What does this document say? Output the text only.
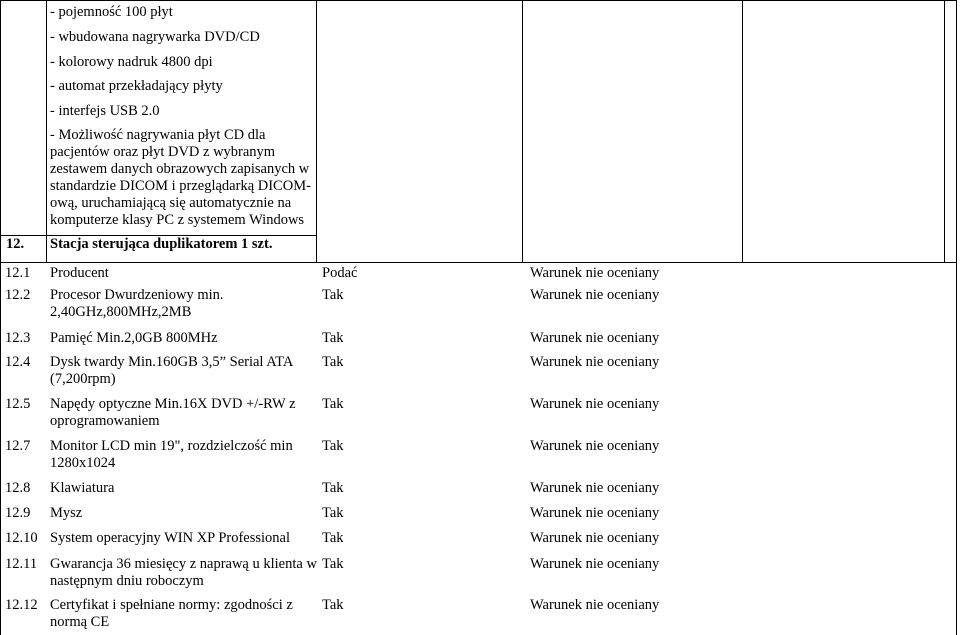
- pojemność 100 płyt
- wbudowana nagrywarka DVD/CD
- kolorowy nadruk 4800 dpi
- automat przekładający płyty
- interfejs USB 2.0
- Możliwość nagrywania płyt CD dla
pacjentów oraz płyt DVD z wybranym
zestawem danych obrazowych zapisanych w
standardzie DICOM i przeglądarką DICOM-
ową, uruchamiającą się automatycznie na
komputerze klasy PC z systemem Windows
12. Stacja sterująca duplikatorem 1 szt.
12.1 Producent	Podać	Warunek nie oceniany
12.2 Procesor Dwurdzeniowy min.
2,40GHz,800MHz,2MB
Tak	Warunek nie oceniany
12.3 Pamięć Min.2,0GB 800MHz	Tak	Warunek nie oceniany
12.4 Dysk twardy Min.160GB 3,5” Serial ATA
(7,200rpm)
Tak	Warunek nie oceniany
12.5 Napędy optyczne Min.16X DVD +/-RW z
oprogramowaniem
Tak	Warunek nie oceniany
12.7 Monitor LCD min 19", rozdzielczość min
1280x1024
Tak	Warunek nie oceniany
12.8 Klawiatura	Tak	Warunek nie oceniany
12.9 Mysz	Tak	Warunek nie oceniany
12.10 System operacyjny WIN XP Professional Tak	Warunek nie oceniany
12.11 Gwarancja 36 miesięcy z naprawą u klienta w
następnym dniu roboczym
Tak	Warunek nie oceniany
12.12 Certyfikat i spełniane normy: zgodności z
normą CE
Tak	Warunek nie oceniany
